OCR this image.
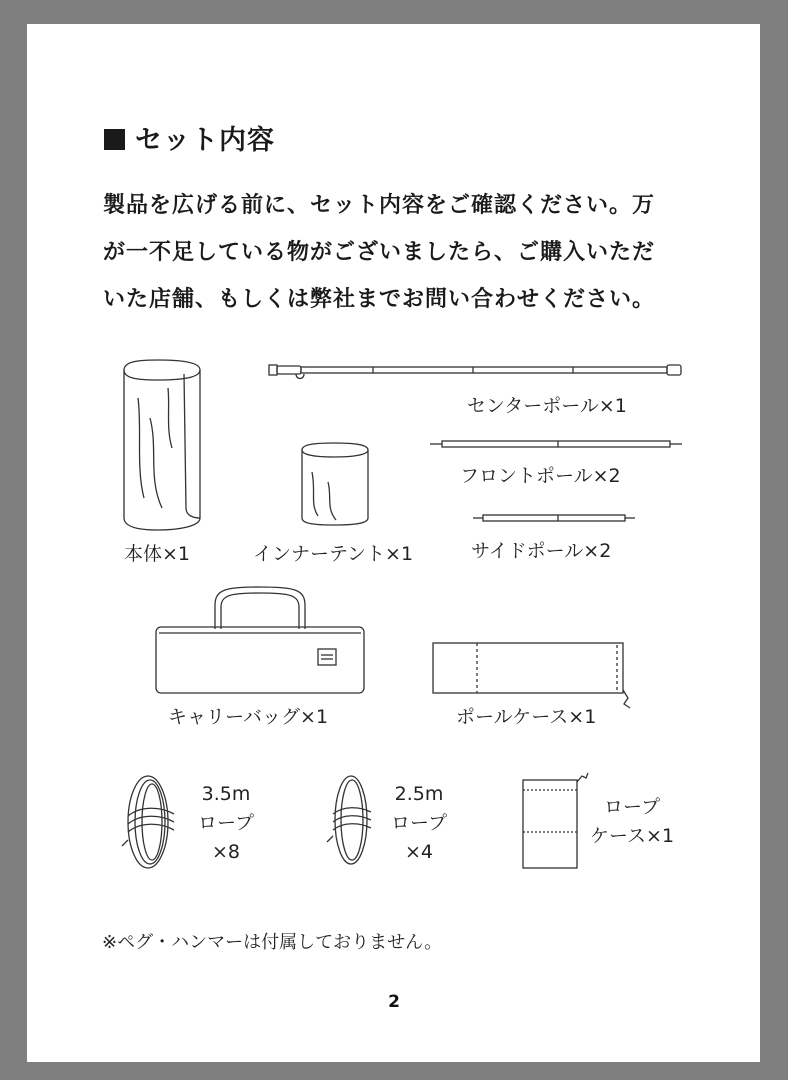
セット内容
製品を広げる前に、セット内容をご確認ください。万
が一不足している物がございましたら、ご購入いただ
いた店舗、もしくは弊社までお問い合わせください。
センターポール×1
フロントポール×2
サイドポール×2
本体×1	インナーテント×1
キャリーバッグ×1	ポールケース×1
3.5m
ロープ
×8
2.5m
ロープ
×4
ロープ
ケース×1
※ペグ・ハンマーは付属しておりません。
2
